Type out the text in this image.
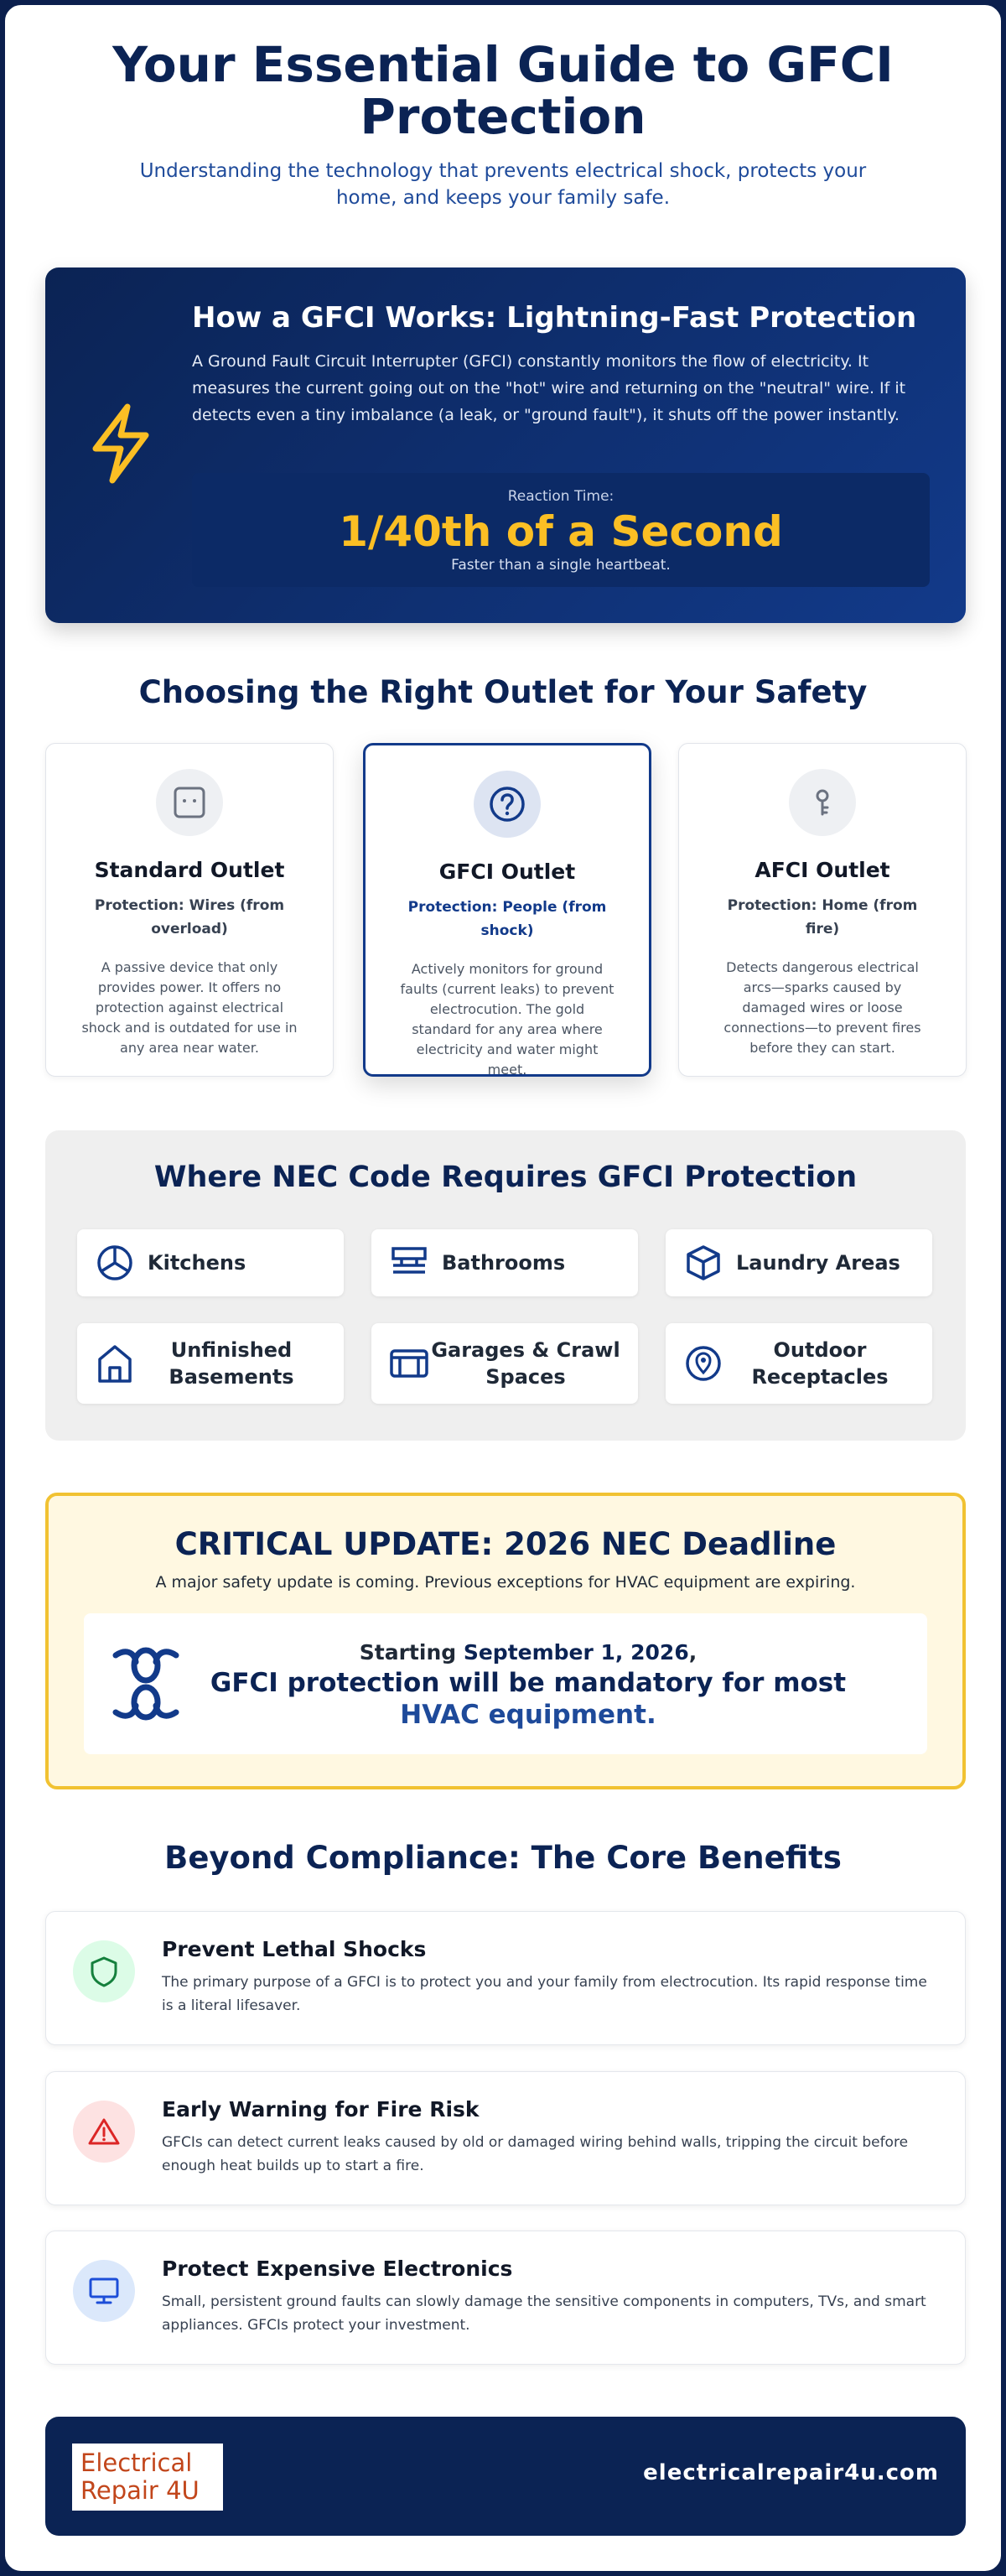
Your Essential Guide to GFCI Protection

Understanding the technology that prevents electrical shock, protects your home, and keeps your family safe.

How a GFCI Works: Lightning-Fast Protection
A Ground Fault Circuit Interrupter (GFCI) constantly monitors the flow of electricity. It measures the current going out on the "hot" wire and returning on the "neutral" wire. If it detects even a tiny imbalance (a leak, or "ground fault"), it shuts off the power instantly.
Reaction Time:
1/40th of a Second
Faster than a single heartbeat.
Choosing the Right Outlet for Your Safety
Standard Outlet
Protection: Wires (from overload)
A passive device that only provides power. It offers no protection against electrical shock and is outdated for use in any area near water.
GFCI Outlet
Protection: People (from shock)
Actively monitors for ground faults (current leaks) to prevent electrocution. The gold standard for any area where electricity and water might meet.
AFCI Outlet
Protection: Home (from fire)
Detects dangerous electrical arcs—sparks caused by damaged wires or loose connections—to prevent fires before they can start.
Where NEC Code Requires GFCI Protection
Kitchens	Bathrooms	Laundry Areas
Unfinished Basements
Garages & Crawl Spaces
Outdoor Receptacles
CRITICAL UPDATE: 2026 NEC Deadline
A major safety update is coming. Previous exceptions for HVAC equipment are expiring.
Starting September 1, 2026,
GFCI protection will be mandatory for most
HVAC equipment.
Beyond Compliance: The Core Benefits
Prevent Lethal Shocks

The primary purpose of a GFCI is to protect you and your family from electrocution. Its rapid response time is a literal lifesaver.

Early Warning for Fire Risk

GFCIs can detect current leaks caused by old or damaged wiring behind walls, tripping the circuit before enough heat builds up to start a fire.

Protect Expensive Electronics

Small, persistent ground faults can slowly damage the sensitive components in computers, TVs, and smart appliances. GFCIs protect your investment.

Electrical
Repair 4U
electricalrepair4u.com
